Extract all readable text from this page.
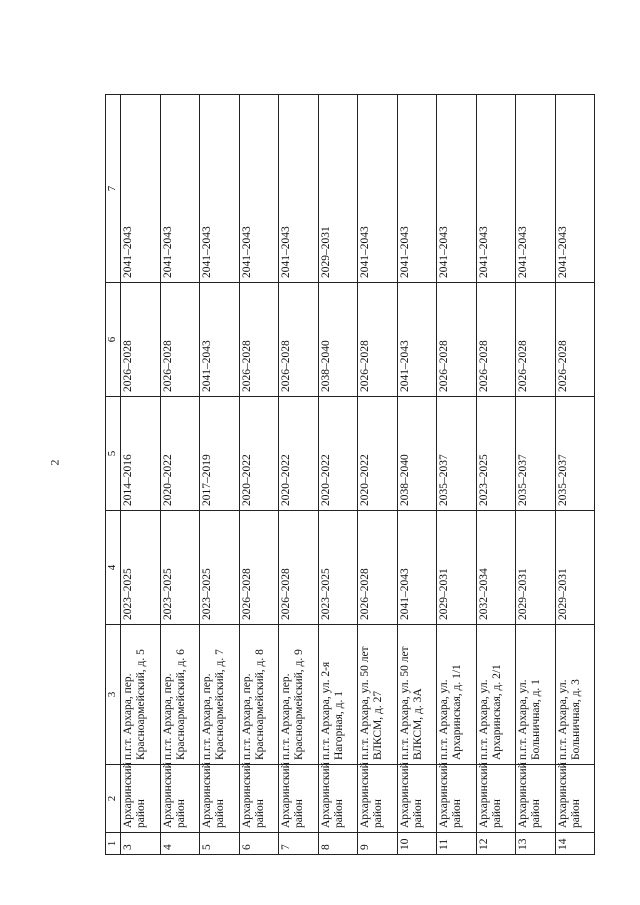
2
1	2	3	4	5	6	7
3	Архаринский район	п.г.т. Архара, пер. Красноармейский, д. 5	2023–2025	2014–2016	2026–2028	2041–2043
4	Архаринский район	п.г.т. Архара, пер. Красноармейский, д. 6	2023–2025	2020–2022	2026–2028	2041–2043
5	Архаринский район	п.г.т. Архара, пер. Красноармейский, д. 7	2023–2025	2017–2019	2041–2043	2041–2043
6	Архаринский район	п.г.т. Архара, пер. Красноармейский, д. 8	2026–2028	2020–2022	2026–2028	2041–2043
7	Архаринский район	п.г.т. Архара, пер. Красноармейский, д. 9	2026–2028	2020–2022	2026–2028	2041–2043
8	Архаринский район	п.г.т. Архара, ул. 2-я Нагорная, д. 1	2023–2025	2020–2022	2038–2040	2029–2031
9	Архаринский район	п.г.т. Архара, ул. 50 лет ВЛКСМ, д. 27	2026–2028	2020–2022	2026–2028	2041–2043
10	Архаринский район	п.г.т. Архара, ул. 50 лет ВЛКСМ, д. 3А	2041–2043	2038–2040	2041–2043	2041–2043
11	Архаринский район	п.г.т. Архара, ул. Архаринская, д. 1/1	2029–2031	2035–2037	2026–2028	2041–2043
12	Архаринский район	п.г.т. Архара, ул. Архаринская, д. 2/1	2032–2034	2023–2025	2026–2028	2041–2043
13	Архаринский район	п.г.т. Архара, ул. Больничная, д. 1	2029–2031	2035–2037	2026–2028	2041–2043
14	Архаринский район	п.г.т. Архара, ул. Больничная, д. 3	2029–2031	2035–2037	2026–2028	2041–2043
